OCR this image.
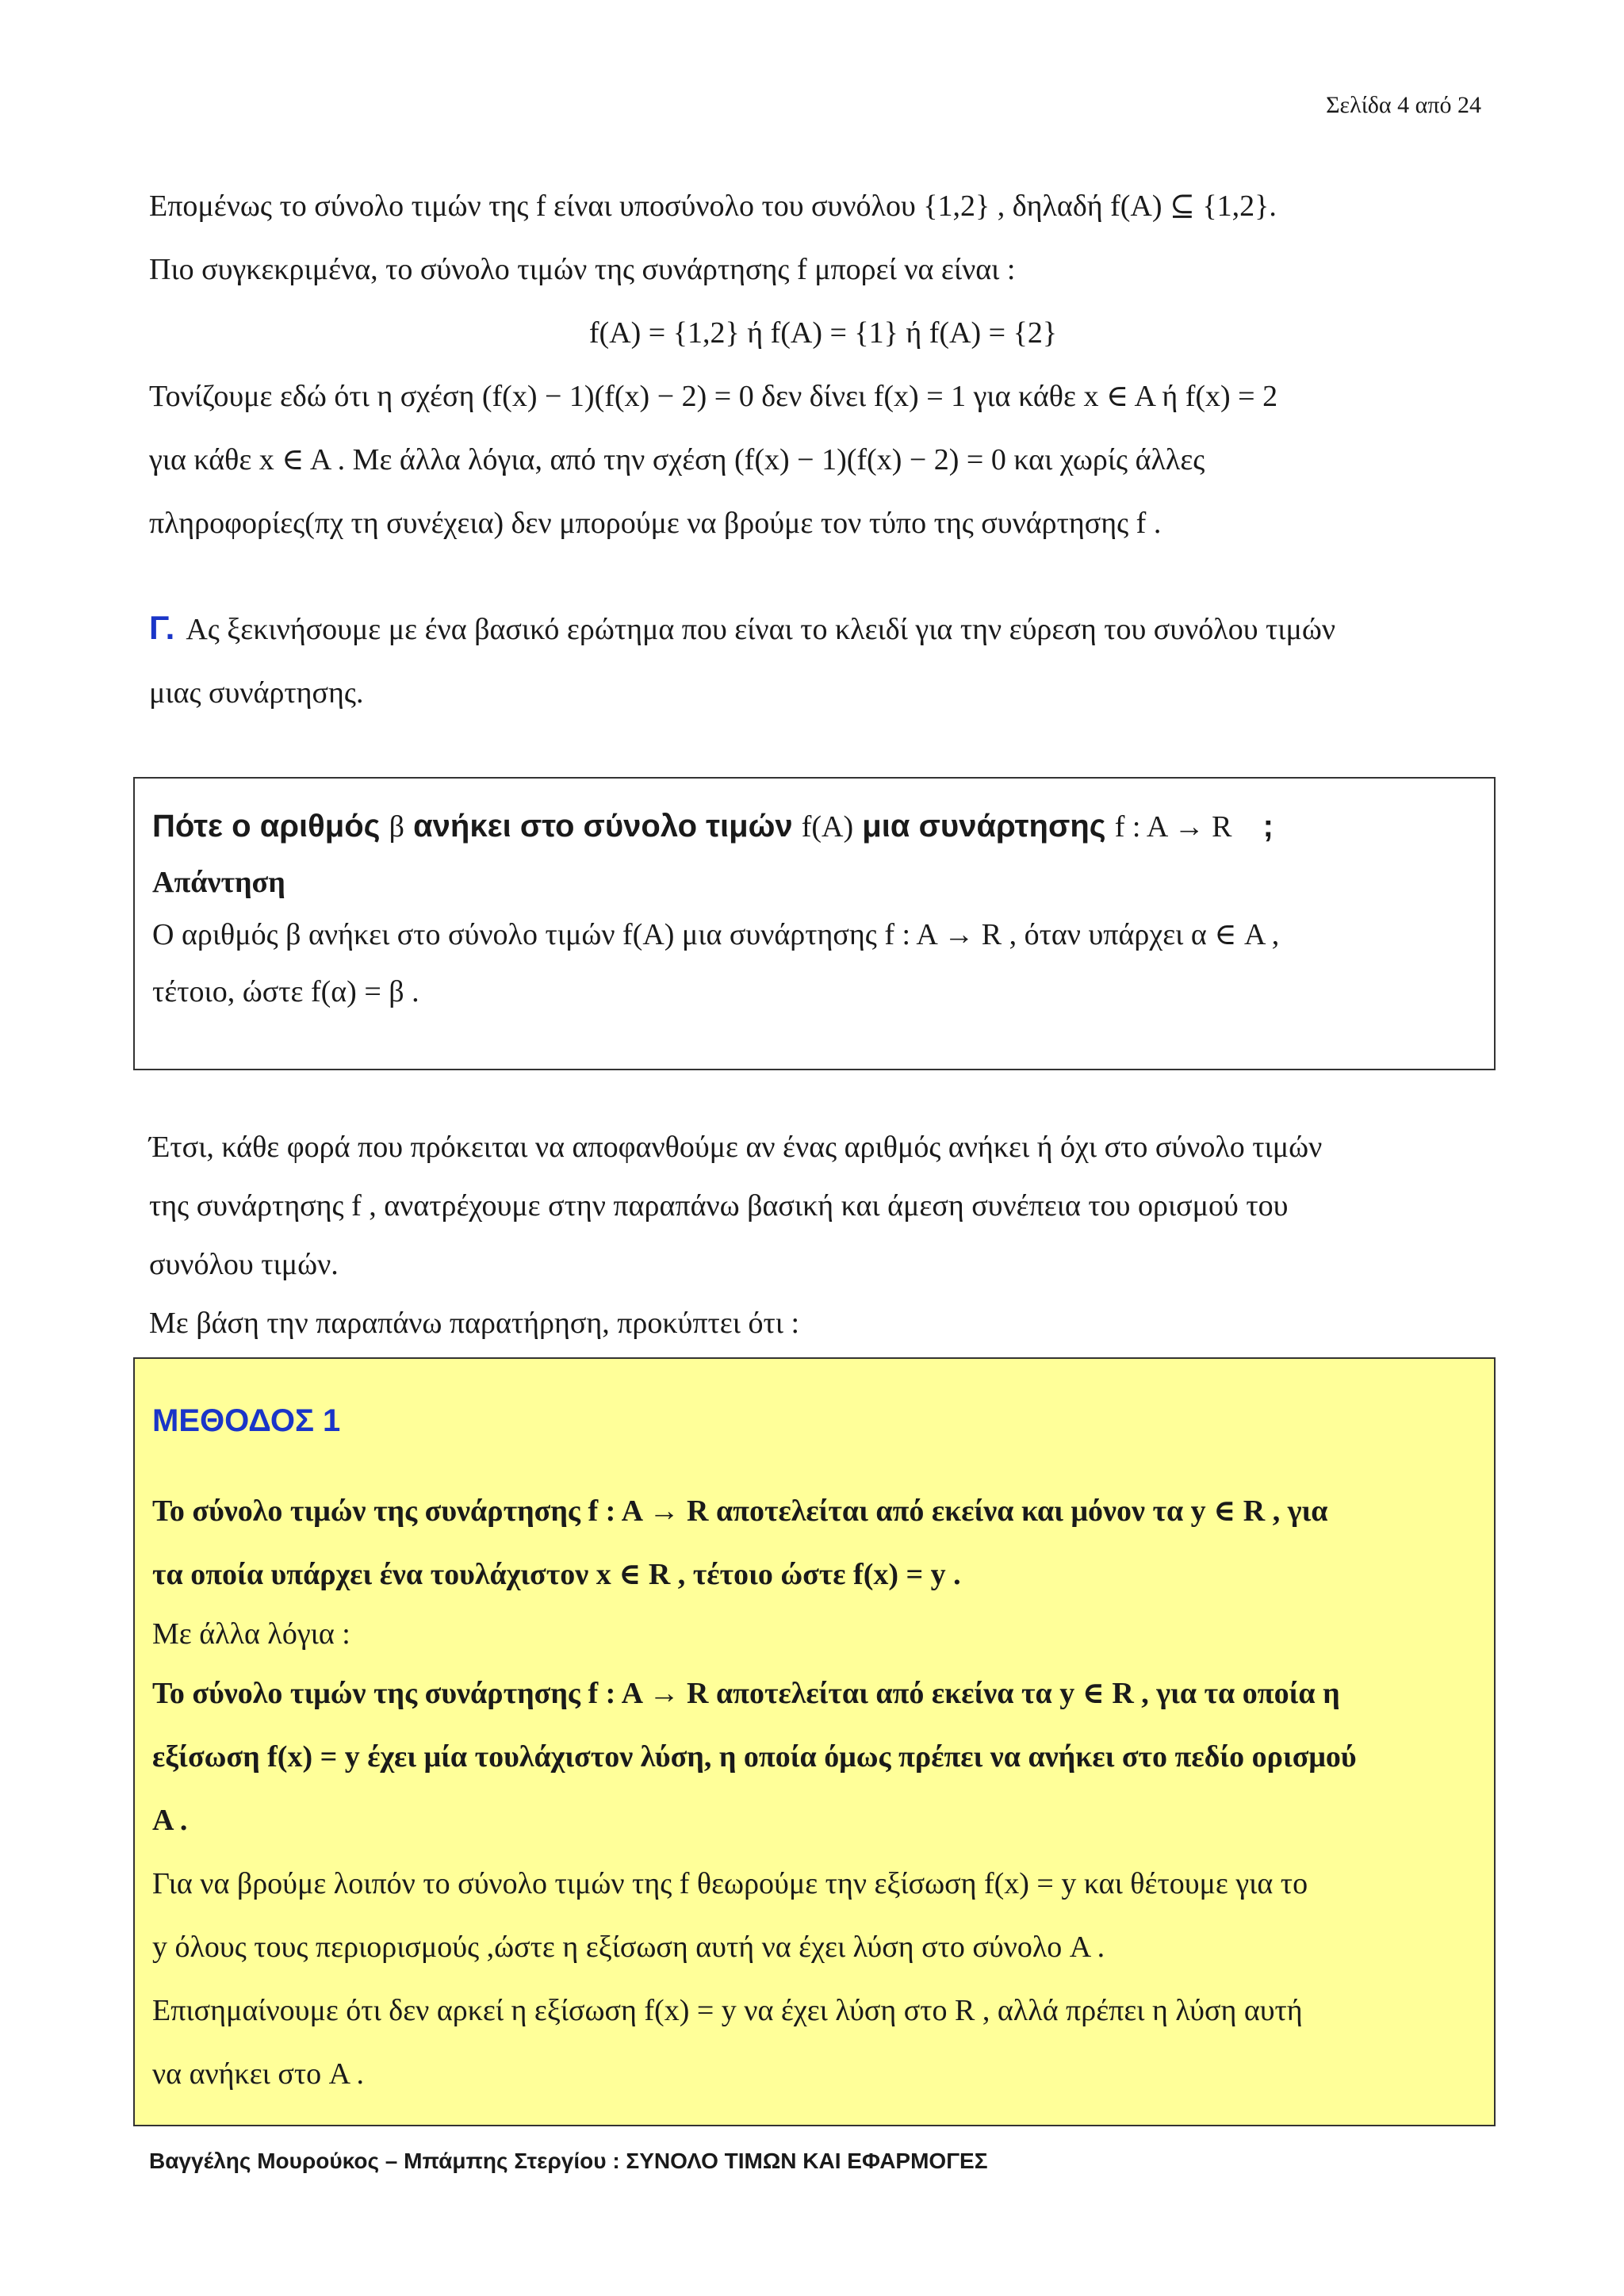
Σελίδα 4 από 24

Επομένως το σύνολο τιμών της f είναι υποσύνολο του συνόλου {1,2} , δηλαδή f(A) ⊆ {1,2}.

Πιο συγκεκριμένα, το σύνολο τιμών της συνάρτησης f μπορεί να είναι :

f(A) = {1,2} ή f(A) = {1} ή f(A) = {2}

Τονίζουμε εδώ ότι η σχέση (f(x) − 1)(f(x) − 2) = 0 δεν δίνει f(x) = 1 για κάθε x ∈ A ή f(x) = 2

για κάθε x ∈ A . Με άλλα λόγια, από την σχέση (f(x) − 1)(f(x) − 2) = 0 και χωρίς άλλες

πληροφορίες(πχ τη συνέχεια) δεν μπορούμε να βρούμε τον τύπο της συνάρτησης f .

Γ. Ας ξεκινήσουμε με ένα βασικό ερώτημα που είναι το κλειδί για την εύρεση του συνόλου τιμών

μιας συνάρτησης.

Πότε ο αριθμός β ανήκει στο σύνολο τιμών f(A) μια συνάρτησης f : A → R ;
Απάντηση
Ο αριθμός β ανήκει στο σύνολο τιμών f(A) μια συνάρτησης f : A → R , όταν υπάρχει α ∈ A ,
τέτοιο, ώστε f(α) = β .
Έτσι, κάθε φορά που πρόκειται να αποφανθούμε αν ένας αριθμός ανήκει ή όχι στο σύνολο τιμών
της συνάρτησης f , ανατρέχουμε στην παραπάνω βασική και άμεση συνέπεια του ορισμού του
συνόλου τιμών.
Με βάση την παραπάνω παρατήρηση, προκύπτει ότι :
ΜΕΘΟΔΟΣ 1
Το σύνολο τιμών της συνάρτησης f : A → R αποτελείται από εκείνα και μόνον τα y ∈ R , για
τα οποία υπάρχει ένα τουλάχιστον x ∈ R , τέτοιο ώστε f(x) = y .
Με άλλα λόγια :
Το σύνολο τιμών της συνάρτησης f : A → R αποτελείται από εκείνα τα y ∈ R , για τα οποία η
εξίσωση f(x) = y έχει μία τουλάχιστον λύση, η οποία όμως πρέπει να ανήκει στο πεδίο ορισμού
A .
Για να βρούμε λοιπόν το σύνολο τιμών της f θεωρούμε την εξίσωση f(x) = y και θέτουμε για το
y όλους τους περιορισμούς ,ώστε η εξίσωση αυτή να έχει λύση στο σύνολο A .
Επισημαίνουμε ότι δεν αρκεί η εξίσωση f(x) = y να έχει λύση στο R , αλλά πρέπει η λύση αυτή
να ανήκει στο A .
Βαγγέλης Μουρούκος – Μπάμπης Στεργίου : ΣΥΝΟΛΟ ΤΙΜΩΝ ΚΑΙ ΕΦΑΡΜΟΓΕΣ
